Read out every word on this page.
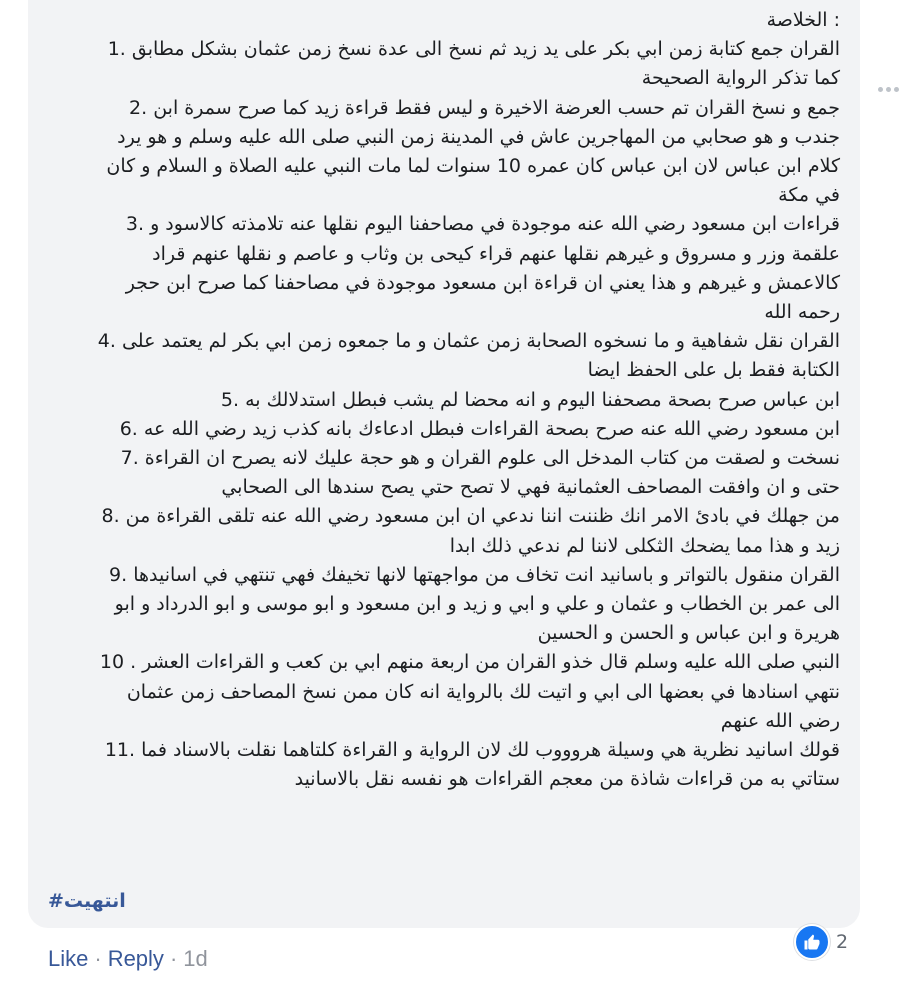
: الخلاصة
القران جمع كتابة زمن ابي بكر على يد زيد ثم نسخ الى عدة نسخ زمن عثمان بشكل مطابق .1
كما تذكر الرواية الصحيحة
جمع و نسخ القران تم حسب العرضة الاخيرة و ليس فقط قراءة زيد كما صرح سمرة ابن .2
جندب و هو صحابي من المهاجرين عاش في المدينة زمن النبي صلى الله عليه وسلم و هو يرد
كلام ابن عباس لان ابن عباس كان عمره 10 سنوات لما مات النبي عليه الصلاة و السلام و كان
في مكة
قراءات ابن مسعود رضي الله عنه موجودة في مصاحفنا اليوم نقلها عنه تلامذته كالاسود و .3
علقمة وزر و مسروق و غيرهم نقلها عنهم قراء كيحى بن وثاب و عاصم و نقلها عنهم قراد
كالاعمش و غيرهم و هذا يعني ان قراءة ابن مسعود موجودة في مصاحفنا كما صرح ابن حجر
رحمه الله
القران نقل شفاهية و ما نسخوه الصحابة زمن عثمان و ما جمعوه زمن ابي بكر لم يعتمد على .4
الكتابة فقط بل على الحفظ ايضا
ابن عباس صرح بصحة مصحفنا اليوم و انه محضا لم يشب فبطل استدلالك به .5
ابن مسعود رضي الله عنه صرح بصحة القراءات فبطل ادعاءك بانه كذب زيد رضي الله عه .6
نسخت و لصقت من كتاب المدخل الى علوم القران و هو حجة عليك لانه يصرح ان القراءة .7
حتى و ان وافقت المصاحف العثمانية فهي لا تصح حتي يصح سندها الى الصحابي
من جهلك في بادئ الامر انك ظننت اننا ندعي ان ابن مسعود رضي الله عنه تلقى القراءة من .8
زيد و هذا مما يضحك الثكلى لاننا لم ندعي ذلك ابدا
القران منقول بالتواتر و باسانيد انت تخاف من مواجهتها لانها تخيفك فهي تنتهي في اسانيدها .9
الى عمر بن الخطاب و عثمان و علي و ابي و زيد و ابن مسعود و ابو موسى و ابو الدرداد و ابو
هريرة و ابن عباس و الحسن و الحسين
النبي صلى الله عليه وسلم قال خذو القران من اربعة منهم ابي بن كعب و القراءات العشر . 10
نتهي اسنادها في بعضها الى ابي و اتيت لك بالرواية انه كان ممن نسخ المصاحف زمن عثمان
رضي الله عنهم
قولك اسانيد نظرية هي وسيلة هروووب لك لان الرواية و القراءة كلتاهما نقلت بالاسناد فما .11
ستاتي به من قراءات شاذة من معجم القراءات هو نفسه نقل بالاسانيد
انتهيت#
2
Like · Reply · 1d
